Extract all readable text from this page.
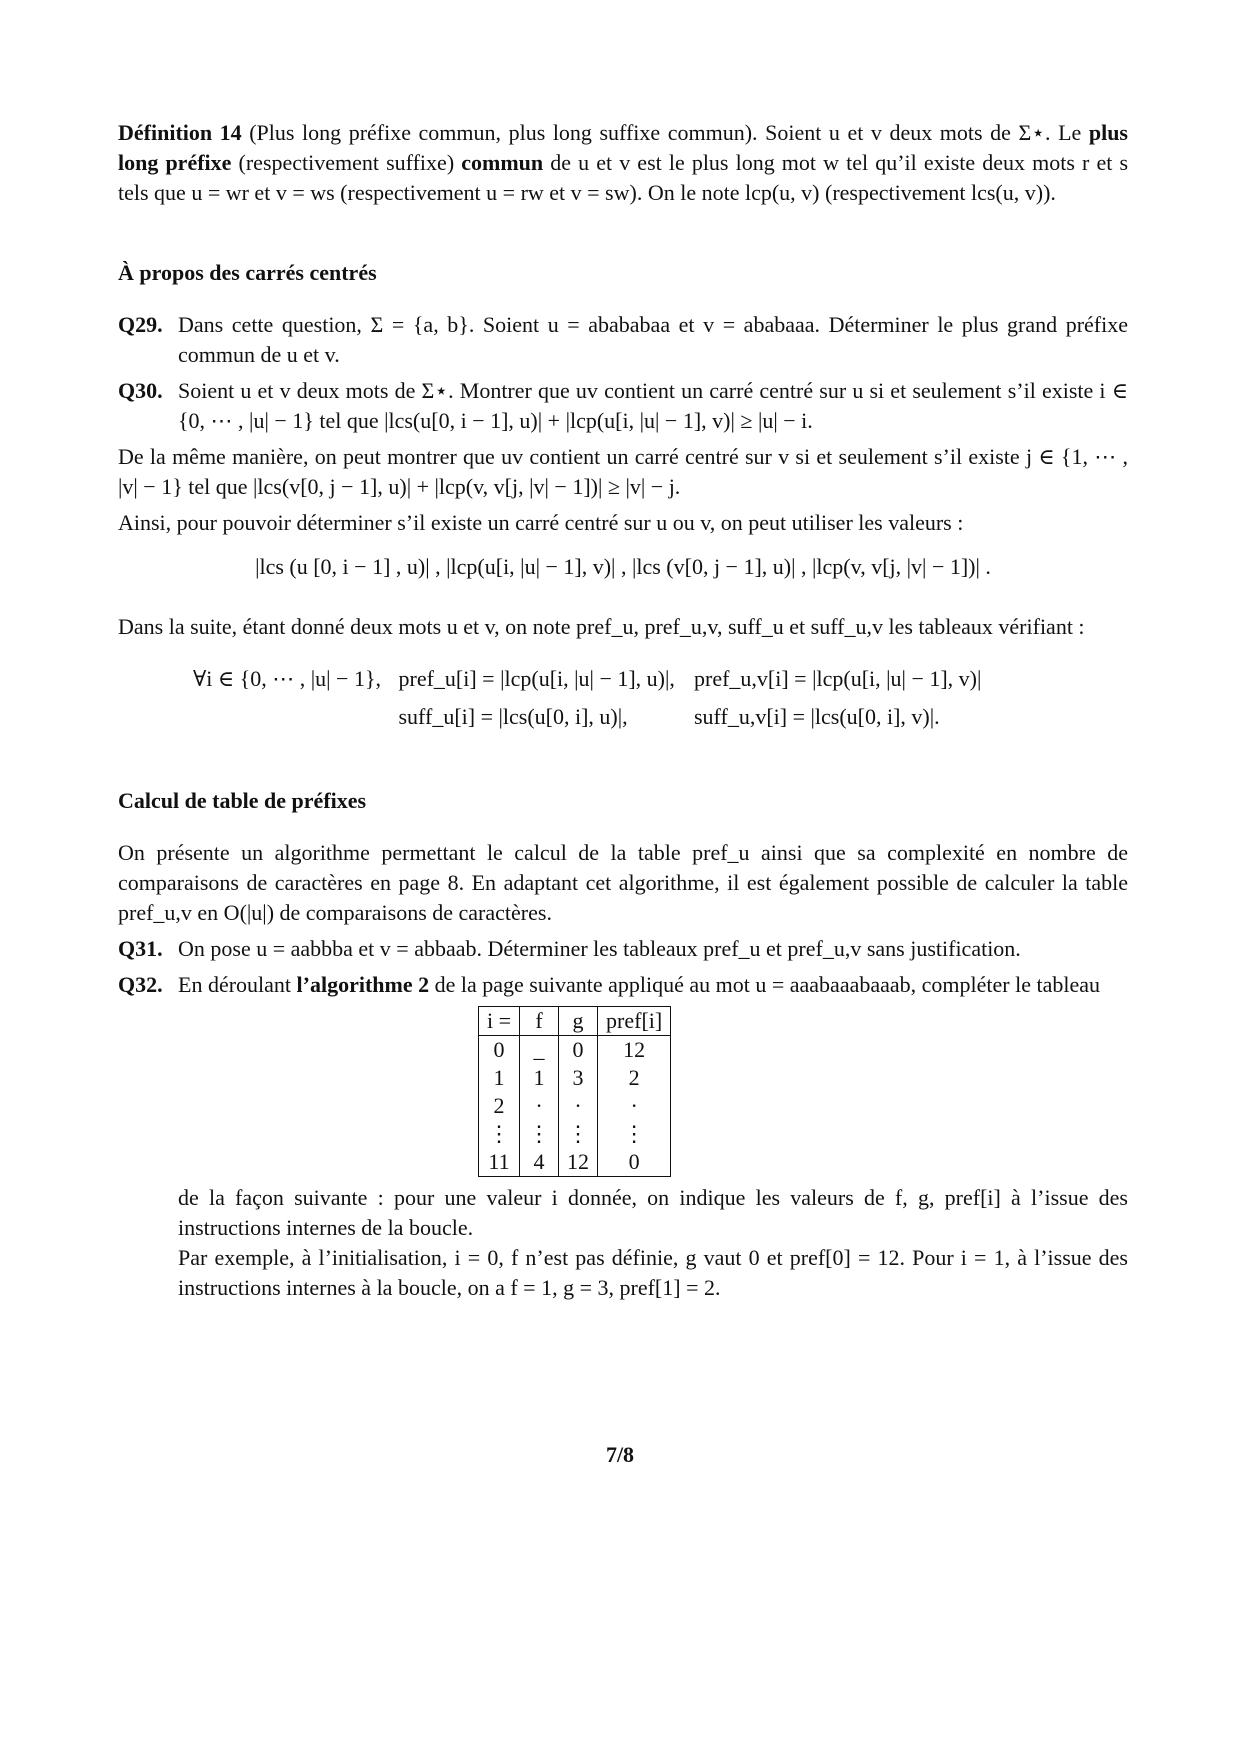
Définition 14 (Plus long préfixe commun, plus long suffixe commun). Soient u et v deux mots de Σ⋆. Le plus long préfixe (respectivement suffixe) commun de u et v est le plus long mot w tel qu’il existe deux mots r et s tels que u = wr et v = ws (respectivement u = rw et v = sw). On le note lcp(u, v) (respectivement lcs(u, v)).

À propos des carrés centrés

Q29. Dans cette question, Σ = {a, b}. Soient u = abababaa et v = ababaaa. Déterminer le plus grand préfixe commun de u et v.
Q30. Soient u et v deux mots de Σ⋆. Montrer que uv contient un carré centré sur u si et seulement s’il existe i ∈ {0, ⋯ , |u| − 1} tel que |lcs(u[0, i − 1], u)| + |lcp(u[i, |u| − 1], v)| ≥ |u| − i.

De la même manière, on peut montrer que uv contient un carré centré sur v si et seulement s’il existe j ∈ {1, ⋯ , |v| − 1} tel que |lcs(v[0, j − 1], u)| + |lcp(v, v[j, |v| − 1])| ≥ |v| − j.

Ainsi, pour pouvoir déterminer s’il existe un carré centré sur u ou v, on peut utiliser les valeurs :

|lcs (u [0, i − 1] , u)| , |lcp(u[i, |u| − 1], v)| , |lcs (v[0, j − 1], u)| , |lcp(v, v[j, |v| − 1])| .

Dans la suite, étant donné deux mots u et v, on note pref_u, pref_u,v, suff_u et suff_u,v les tableaux vérifiant :

∀i ∈ {0, ⋯ , |u| − 1}, pref_u[i] = |lcp(u[i, |u| − 1], u)|, pref_u,v[i] = |lcp(u[i, |u| − 1], v)|
suff_u[i] = |lcs(u[0, i], u)|,	suff_u,v[i] = |lcs(u[0, i], v)|.

Calcul de table de préfixes

On présente un algorithme permettant le calcul de la table pref_u ainsi que sa complexité en nombre de comparaisons de caractères en page 8. En adaptant cet algorithme, il est également possible de calculer la table pref_u,v en O(|u|) de comparaisons de caractères.

Q31. On pose u = aabbba et v = abbaab. Déterminer les tableaux pref_u et pref_u,v sans justification.
Q32. En déroulant l’algorithme 2 de la page suivante appliqué au mot u = aaabaaabaaab, compléter le tableau
i =	f	g	pref[i]
0	_	0	12
1	1	3	2
2	·	·	·
⋮	⋮	⋮	⋮
11	4	12	0

de la façon suivante : pour une valeur i donnée, on indique les valeurs de f, g, pref[i] à l’issue des instructions internes de la boucle.

Par exemple, à l’initialisation, i = 0, f n’est pas définie, g vaut 0 et pref[0] = 12. Pour i = 1, à l’issue des instructions internes à la boucle, on a f = 1, g = 3, pref[1] = 2.

7/8
